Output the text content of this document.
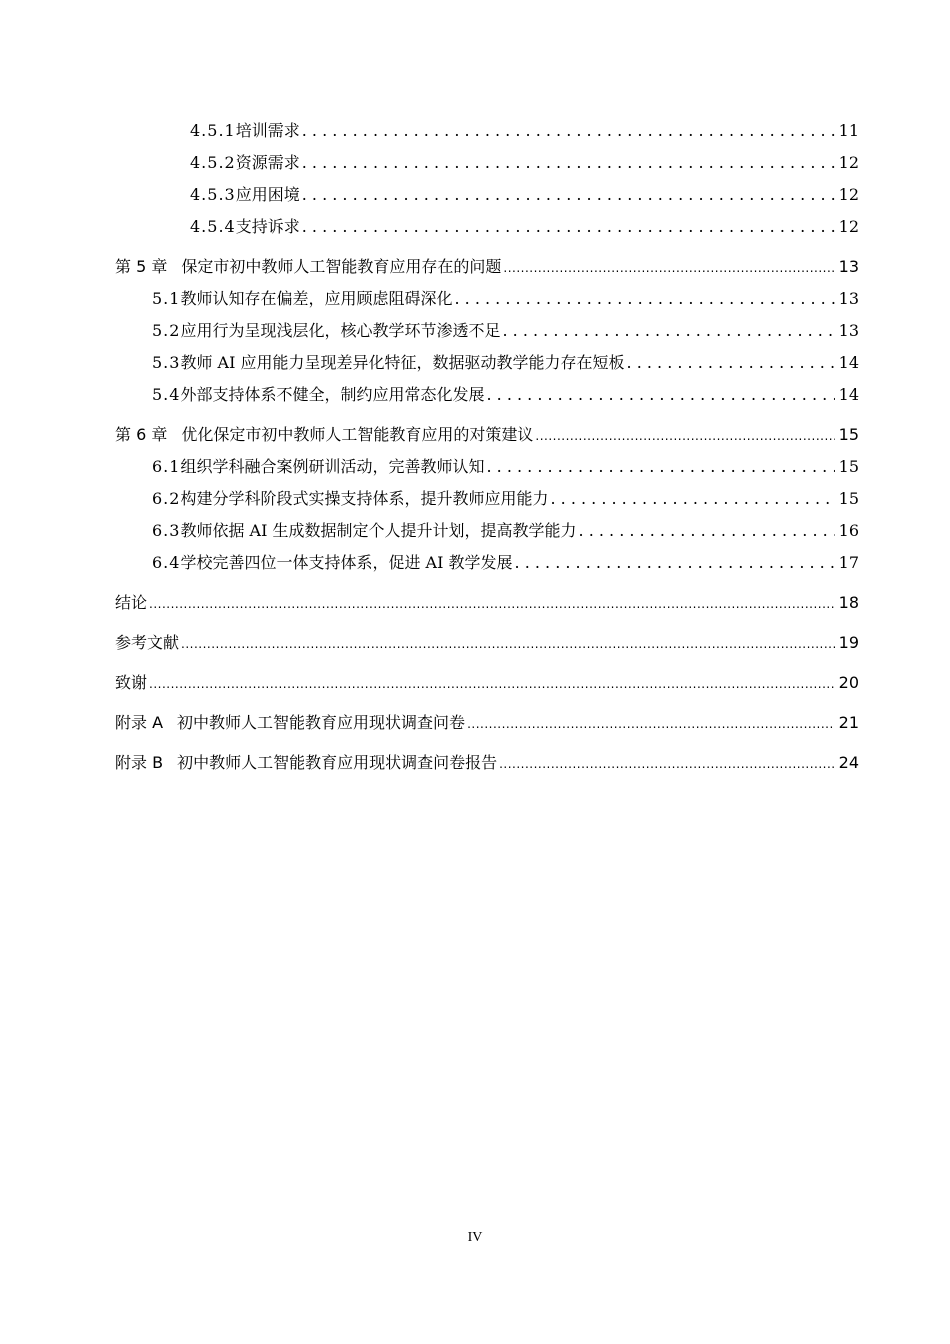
4.5.1 培训需求 . . .	11
4.5.2 资源需求 . . .	12
4.5.3 应用困境 . . .	12
4.5.4 支持诉求 . . .	12
第 5 章 保定市初中教师人工智能教育应用存在的问题 .....	13
5.1 教师认知存在偏差，应用顾虑阻碍深化 . . .	13
5.2 应用行为呈现浅层化，核心教学环节渗透不足 . . .	13
5.3 教师 AI 应用能力呈现差异化特征，数据驱动教学能力存在短板 . . .	14
5.4 外部支持体系不健全，制约应用常态化发展 . . .	14
第 6 章 优化保定市初中教师人工智能教育应用的对策建议 .....	15
6.1 组织学科融合案例研训活动，完善教师认知 . . .	15
6.2 构建分学科阶段式实操支持体系，提升教师应用能力 . . .	15
6.3 教师依据 AI 生成数据制定个人提升计划，提高教学能力 . . .	16
6.4 学校完善四位一体支持体系，促进 AI 教学发展 . . .	17
结论 .....	18
参考文献 .....	19
致谢 .....	20
附录 A 初中教师人工智能教育应用现状调查问卷 .....	21
附录 B 初中教师人工智能教育应用现状调查问卷报告 .....	24
IV
